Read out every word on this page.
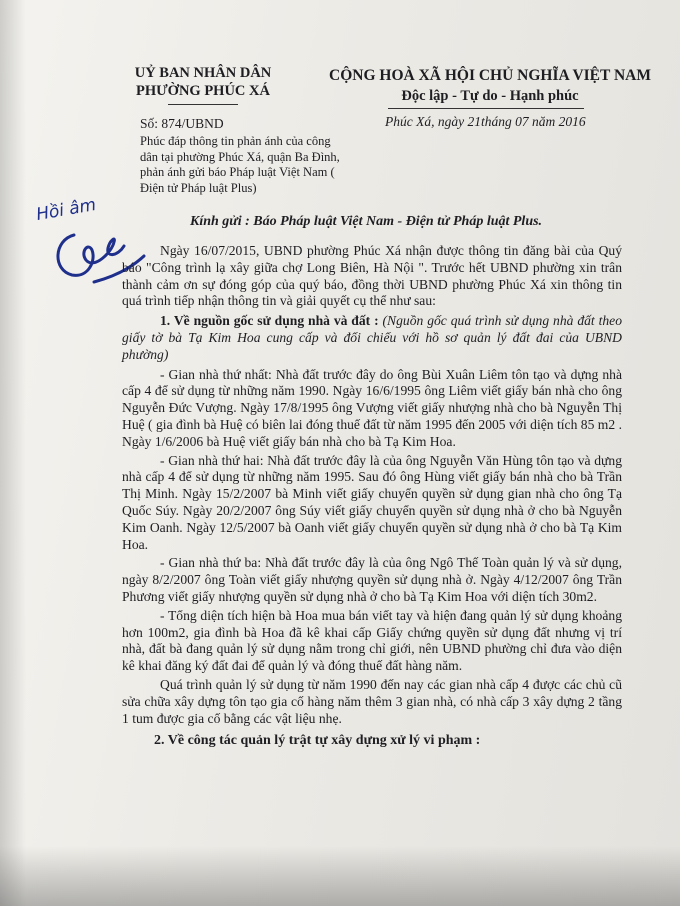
UỶ BAN NHÂN DÂN
PHƯỜNG PHÚC XÁ
CỘNG HOÀ XÃ HỘI CHỦ NGHĨA VIỆT NAM
Độc lập - Tự do - Hạnh phúc
Số: 874/UBND
Phúc đáp thông tin phản ánh của công dân tại phường Phúc Xá, quận Ba Đình, phản ánh gửi báo Pháp luật Việt Nam ( Điện tử Pháp luật Plus)
Phúc Xá, ngày 21tháng 07 năm 2016
Hồi âm	Kính gửi : Báo Pháp luật Việt Nam - Điện tử Pháp luật Plus.

Ngày 16/07/2015, UBND phường Phúc Xá nhận được thông tin đăng bài của Quý báo "Công trình lạ xây giữa chợ Long Biên, Hà Nội ". Trước hết UBND phường xin trân thành cảm ơn sự đóng góp của quý báo, đồng thời UBND phường Phúc Xá xin thông tin quá trình tiếp nhận thông tin và giải quyết cụ thể như sau:

1. Về nguồn gốc sử dụng nhà và đất : (Nguồn gốc quá trình sử dụng nhà đất theo giấy tờ bà Tạ Kim Hoa cung cấp và đối chiếu với hồ sơ quản lý đất đai của UBND phường)

- Gian nhà thứ nhất: Nhà đất trước đây do ông Bùi Xuân Liêm tôn tạo và dựng nhà cấp 4 để sử dụng từ những năm 1990. Ngày 16/6/1995 ông Liêm viết giấy bán nhà cho ông Nguyễn Đức Vượng. Ngày 17/8/1995 ông Vượng viết giấy nhượng nhà cho bà Nguyễn Thị Huệ ( gia đình bà Huệ có biên lai đóng thuế đất từ năm 1995 đến 2005 với diện tích 85 m2 . Ngày 1/6/2006 bà Huệ viết giấy bán nhà cho bà Tạ Kim Hoa.

- Gian nhà thứ hai: Nhà đất trước đây là của ông Nguyễn Văn Hùng tôn tạo và dựng nhà cấp 4 để sử dụng từ những năm 1995. Sau đó ông Hùng viết giấy bán nhà cho bà Trần Thị Minh. Ngày 15/2/2007 bà Minh viết giấy chuyển quyền sử dụng gian nhà cho ông Tạ Quốc Súy. Ngày 20/2/2007 ông Súy viết giấy chuyển quyền sử dụng nhà ở cho bà Nguyễn Kim Oanh. Ngày 12/5/2007 bà Oanh viết giấy chuyển quyền sử dụng nhà ở cho bà Tạ Kim Hoa.

- Gian nhà thứ ba: Nhà đất trước đây là của ông Ngô Thế Toàn quản lý và sử dụng, ngày 8/2/2007 ông Toàn viết giấy nhượng quyền sử dụng nhà ở. Ngày 4/12/2007 ông Trần Phương viết giấy nhượng quyền sử dụng nhà ở cho bà Tạ Kim Hoa với diện tích 30m2.

- Tổng diện tích hiện bà Hoa mua bán viết tay và hiện đang quản lý sử dụng khoảng hơn 100m2, gia đình bà Hoa đã kê khai cấp Giấy chứng quyền sử dụng đất nhưng vị trí nhà, đất bà đang quản lý sử dụng nằm trong chỉ giới, nên UBND phường chỉ đưa vào diện kê khai đăng ký đất đai để quản lý và đóng thuế đất hàng năm.

Quá trình quản lý sử dụng từ năm 1990 đến nay các gian nhà cấp 4 được các chủ cũ sửa chữa xây dựng tôn tạo gia cố hàng năm thêm 3 gian nhà, có nhà cấp 3 xây dựng 2 tầng 1 tum được gia cố bằng các vật liệu nhẹ.

2. Về công tác quản lý trật tự xây dựng xử lý vi phạm :
